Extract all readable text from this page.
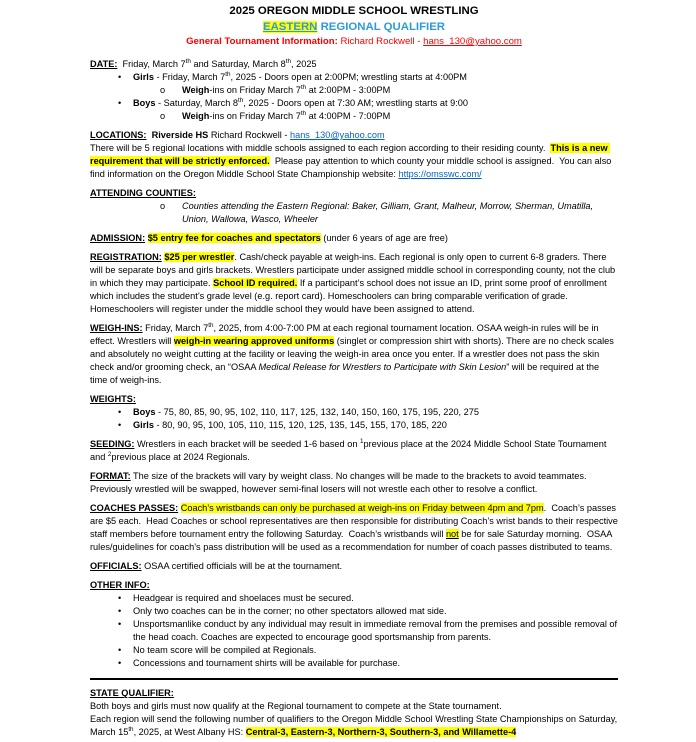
2025 OREGON MIDDLE SCHOOL WRESTLING
EASTERN REGIONAL QUALIFIER
General Tournament Information: Richard Rockwell - hans_130@yahoo.com
DATE: Friday, March 7th and Saturday, March 8th, 2025
•	Girls - Friday, March 7th, 2025 - Doors open at 2:00PM; wrestling starts at 4:00PM
o	Weigh-ins on Friday March 7th at 2:00PM - 3:00PM
•	Boys - Saturday, March 8th, 2025 - Doors open at 7:30 AM; wrestling starts at 9:00
o	Weigh-ins on Friday March 7th at 4:00PM - 7:00PM
LOCATIONS: Riverside HS Richard Rockwell - hans_130@yahoo.com
There will be 5 regional locations with middle schools assigned to each region according to their residing county.  This is a new requirement that will be strictly enforced.  Please pay attention to which county your middle school is assigned.  You can also find information on the Oregon Middle School State Championship website: https://omsswc.com/
ATTENDING COUNTIES:
o	Counties attending the Eastern Regional: Baker, Gilliam, Grant, Malheur, Morrow, Sherman, Umatilla, Union, Wallowa, Wasco, Wheeler
ADMISSION: $5 entry fee for coaches and spectators (under 6 years of age are free)
REGISTRATION: $25 per wrestler. Cash/check payable at weigh-ins. Each regional is only open to current 6-8 graders. There will be separate boys and girls brackets. Wrestlers participate under assigned middle school in corresponding county, not the club in which they may participate. School ID required. If a participant’s school does not issue an ID, print some proof of enrollment which includes the student’s grade level (e.g. report card). Homeschoolers can bring comparable verification of grade. Homeschoolers will register under the middle school they would have been assigned to attend.
WEIGH-INS: Friday, March 7th, 2025, from 4:00-7:00 PM at each regional tournament location. OSAA weigh-in rules will be in effect. Wrestlers will weigh-in wearing approved uniforms (singlet or compression shirt with shorts). There are no check scales and absolutely no weight cutting at the facility or leaving the weigh-in area once you enter. If a wrestler does not pass the skin check and/or grooming check, an “OSAA Medical Release for Wrestlers to Participate with Skin Lesion” will be required at the time of weigh-ins.
WEIGHTS:
•	Boys - 75, 80, 85, 90, 95, 102, 110, 117, 125, 132, 140, 150, 160, 175, 195, 220, 275
•	Girls - 80, 90, 95, 100, 105, 110, 115, 120, 125, 135, 145, 155, 170, 185, 220
SEEDING: Wrestlers in each bracket will be seeded 1-6 based on $^1$previous place at the 2024 Middle School State Tournament and $^2$previous place at 2024 Regionals.
FORMAT: The size of the brackets will vary by weight class. No changes will be made to the brackets to avoid teammates. Previously wrestled will be swapped, however semi-final losers will not wrestle each other to resolve a conflict.
COACHES PASSES: Coach’s wristbands can only be purchased at weigh-ins on Friday between 4pm and 7pm.  Coach’s passes are $5 each.  Head Coaches or school representatives are then responsible for distributing Coach’s wrist bands to their respective staff members before tournament entry the following Saturday.  Coach’s wristbands will not be for sale Saturday morning.  OSAA rules/guidelines for coach’s pass distribution will be used as a recommendation for number of coach passes distributed to teams.
OFFICIALS: OSAA certified officials will be at the tournament.
OTHER INFO:
•	Headgear is required and shoelaces must be secured.
•	Only two coaches can be in the corner; no other spectators allowed mat side.
•	Unsportsmanlike conduct by any individual may result in immediate removal from the premises and possible removal of the head coach. Coaches are expected to encourage good sportsmanship from parents.
•	No team score will be compiled at Regionals.
•	Concessions and tournament shirts will be available for purchase.
STATE QUALIFIER:
Both boys and girls must now qualify at the Regional tournament to compete at the State tournament.
Each region will send the following number of qualifiers to the Oregon Middle School Wrestling State Championships on Saturday, March 15th, 2025, at West Albany HS: Central-3, Eastern-3, Northern-3, Southern-3, and Willamette-4
